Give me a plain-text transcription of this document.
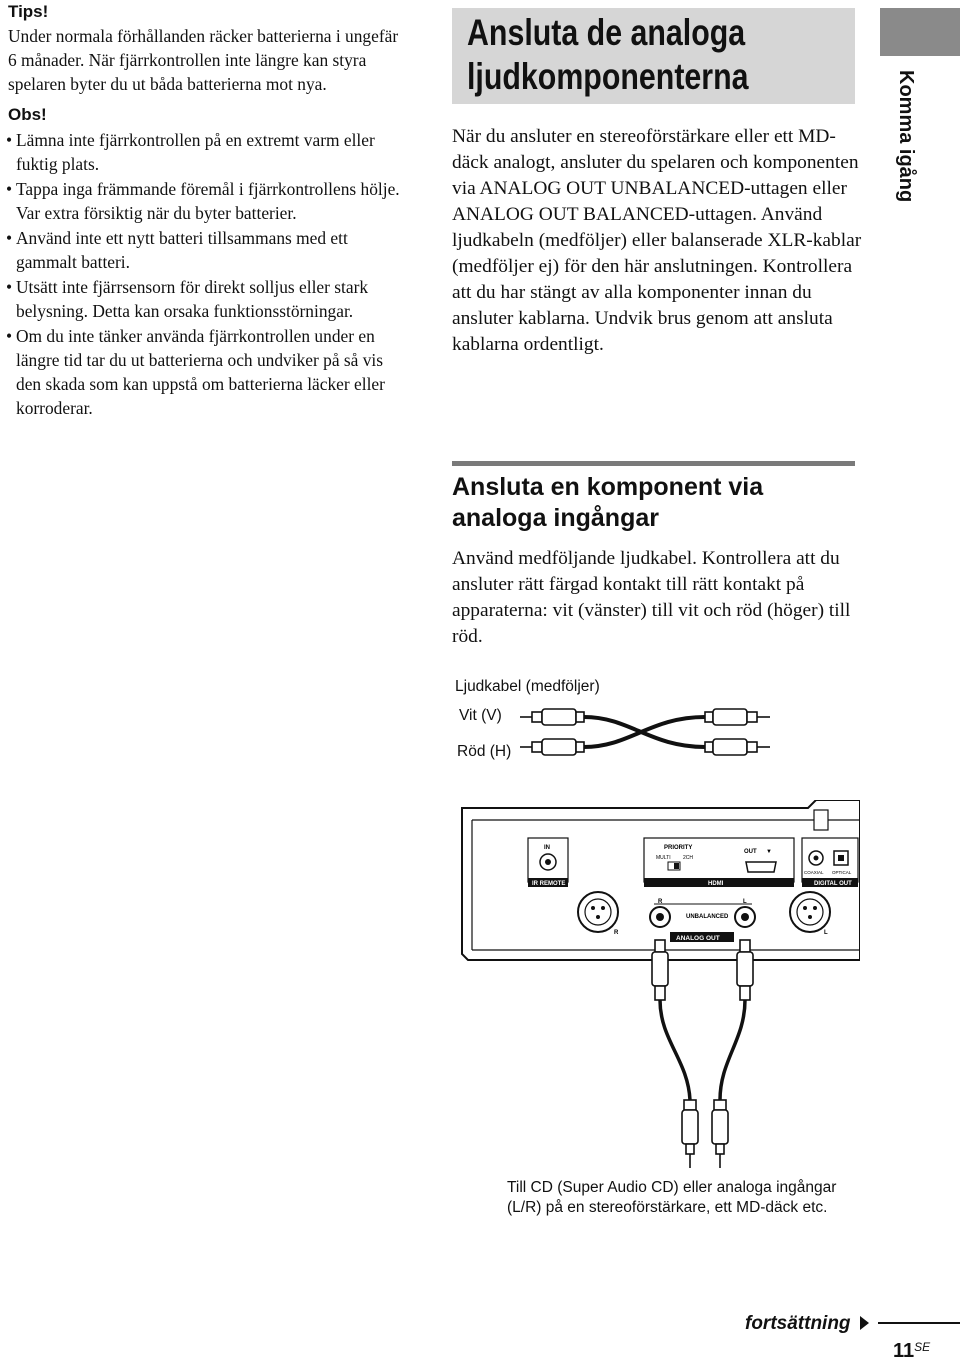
Tips!
Under normala förhållanden räcker batterierna i ungefär 6 månader. När fjärrkontrollen inte längre kan styra spelaren byter du ut båda batterierna mot nya.
Obs!
• Lämna inte fjärrkontrollen på en extremt varm eller fuktig plats.
• Tappa inga främmande föremål i fjärrkontrollens hölje. Var extra försiktig när du byter batterier.
• Använd inte ett nytt batteri tillsammans med ett gammalt batteri.
• Utsätt inte fjärrsensorn för direkt solljus eller stark belysning. Detta kan orsaka funktionsstörningar.
• Om du inte tänker använda fjärrkontrollen under en längre tid tar du ut batterierna och undviker på så vis den skada som kan uppstå om batterierna läcker eller korroderar.
Ansluta de analoga ljudkomponenterna
När du ansluter en stereoförstärkare eller ett MD-däck analogt, ansluter du spelaren och komponenten via ANALOG OUT UNBALANCED-uttagen eller ANALOG OUT BALANCED-uttagen. Använd ljudkabeln (medföljer) eller balanserade XLR-kablar (medföljer ej) för den här anslutningen. Kontrollera att du har stängt av alla komponenter innan du ansluter kablarna. Undvik brus genom att ansluta kablarna ordentligt.
Ansluta en komponent via analoga ingångar
Använd medföljande ljudkabel. Kontrollera att du ansluter rätt färgad kontakt till rätt kontakt på apparaterna: vit (vänster) till vit och röd (höger) till röd.
Ljudkabel (medföljer)
Vit (V)
Röd (H)
IN
IR REMOTE
PRIORITY
MULTI 2CH
OUT ▼
HDMI
COAXIAL OPTICAL
DIGITAL OUT
R
R
UNBALANCED
L
ANALOG OUT
L
Till CD (Super Audio CD) eller analoga ingångar (L/R) på en stereoförstärkare, ett MD-däck etc.
Komma igång
fortsättning
$11^{SE}$
